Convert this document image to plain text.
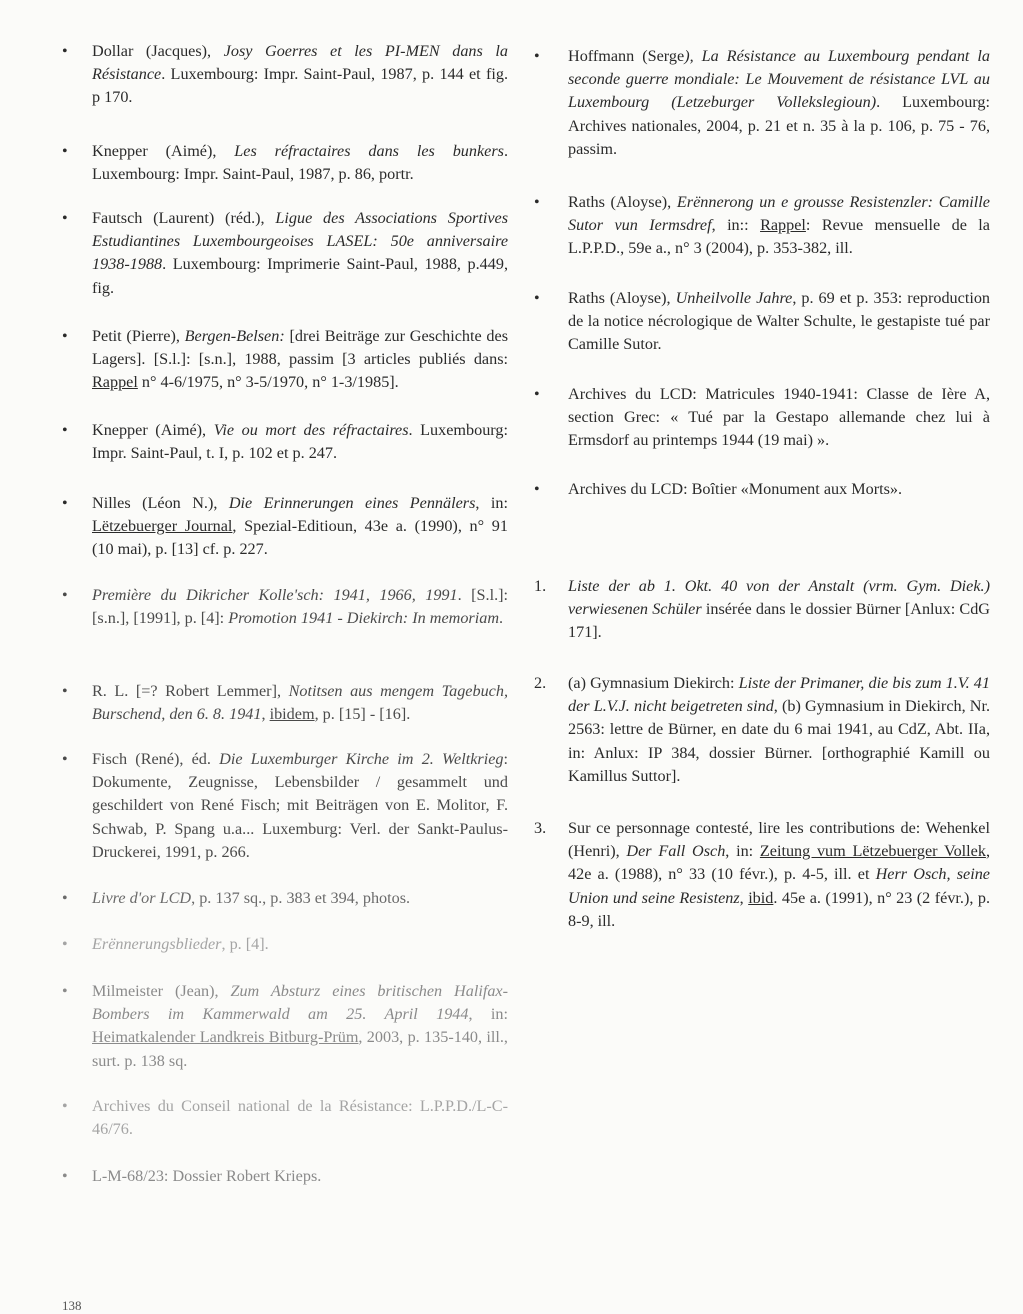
•	Dollar (Jacques), Josy Goerres et les PI-MEN dans la Résistance. Luxembourg: Impr. Saint-Paul, 1987, p. 144 et fig. p 170.
•	Knepper (Aimé), Les réfractaires dans les bunkers. Luxembourg: Impr. Saint-Paul, 1987, p. 86, portr.
•	Fautsch (Laurent) (réd.), Ligue des Associations Sportives Estudiantines Luxembourgeoises LASEL: 50e anniversaire 1938-1988. Luxembourg: Imprimerie Saint-Paul, 1988, p.449, fig.
•	Petit (Pierre), Bergen-Belsen: [drei Beiträge zur Geschichte des Lagers]. [S.l.]: [s.n.], 1988, passim [3 articles publiés dans: Rappel n° 4-6/1975, n° 3-5/1970, n° 1-3/1985].
•	Knepper (Aimé), Vie ou mort des réfractaires. Luxembourg: Impr. Saint-Paul, t. I, p. 102 et p. 247.
•	Nilles (Léon N.), Die Erinnerungen eines Pennälers, in: Lëtzebuerger Journal, Spezial-Editioun, 43e a. (1990), n° 91 (10 mai), p. [13] cf. p. 227.
•	Première du Dikricher Kolle'sch: 1941, 1966, 1991. [S.l.]: [s.n.], [1991], p. [4]: Promotion 1941 - Diekirch: In memoriam.
•	R. L. [=? Robert Lemmer], Notitsen aus mengem Tagebuch, Burschend, den 6. 8. 1941, ibidem, p. [15] - [16].
•	Fisch (René), éd. Die Luxemburger Kirche im 2. Weltkrieg: Dokumente, Zeugnisse, Lebensbilder / gesammelt und geschildert von René Fisch; mit Beiträgen von E. Molitor, F. Schwab, P. Spang u.a... Luxemburg: Verl. der Sankt-Paulus-Druckerei, 1991, p. 266.
•	Livre d'or LCD, p. 137 sq., p. 383 et 394, photos.
•	Erënnerungsblieder, p. [4].
•	Milmeister (Jean), Zum Absturz eines britischen Halifax-Bombers im Kammerwald am 25. April 1944, in: Heimatkalender Landkreis Bitburg-Prüm, 2003, p. 135-140, ill., surt. p. 138 sq.
•	Archives du Conseil national de la Résistance: L.P.P.D./L-C-46/76.
•	L-M-68/23: Dossier Robert Krieps.
•	Hoffmann (Serge), La Résistance au Luxembourg pendant la seconde guerre mondiale: Le Mouvement de résistance LVL au Luxembourg (Letzeburger Vollekslegioun). Luxembourg: Archives nationales, 2004, p. 21 et n. 35 à la p. 106, p. 75 - 76, passim.
•	Raths (Aloyse), Erënnerong un e grousse Resistenzler: Camille Sutor vun Iermsdref, in:: Rappel: Revue mensuelle de la L.P.P.D., 59e a., n° 3 (2004), p. 353-382, ill.
•	Raths (Aloyse), Unheilvolle Jahre, p. 69 et p. 353: reproduction de la notice nécrologique de Walter Schulte, le gestapiste tué par Camille Sutor.
•	Archives du LCD: Matricules 1940-1941: Classe de Ière A, section Grec: « Tué par la Gestapo allemande chez lui à Ermsdorf au printemps 1944 (19 mai) ».
•	Archives du LCD: Boîtier «Monument aux Morts».
1.	Liste der ab 1. Okt. 40 von der Anstalt (vrm. Gym. Diek.) verwiesenen Schüler insérée dans le dossier Bürner [Anlux: CdG 171].
2.	(a) Gymnasium Diekirch: Liste der Primaner, die bis zum 1.V. 41 der L.V.J. nicht beigetreten sind, (b) Gymnasium in Diekirch, Nr. 2563: lettre de Bürner, en date du 6 mai 1941, au CdZ, Abt. IIa, in: Anlux: IP 384, dossier Bürner. [orthographié Kamill ou Kamillus Suttor].
3.	Sur ce personnage contesté, lire les contributions de: Wehenkel (Henri), Der Fall Osch, in: Zeitung vum Lëtzebuerger Vollek, 42e a. (1988), n° 33 (10 févr.), p. 4-5, ill. et Herr Osch, seine Union und seine Resistenz, ibid. 45e a. (1991), n° 23 (2 févr.), p. 8-9, ill.
138
